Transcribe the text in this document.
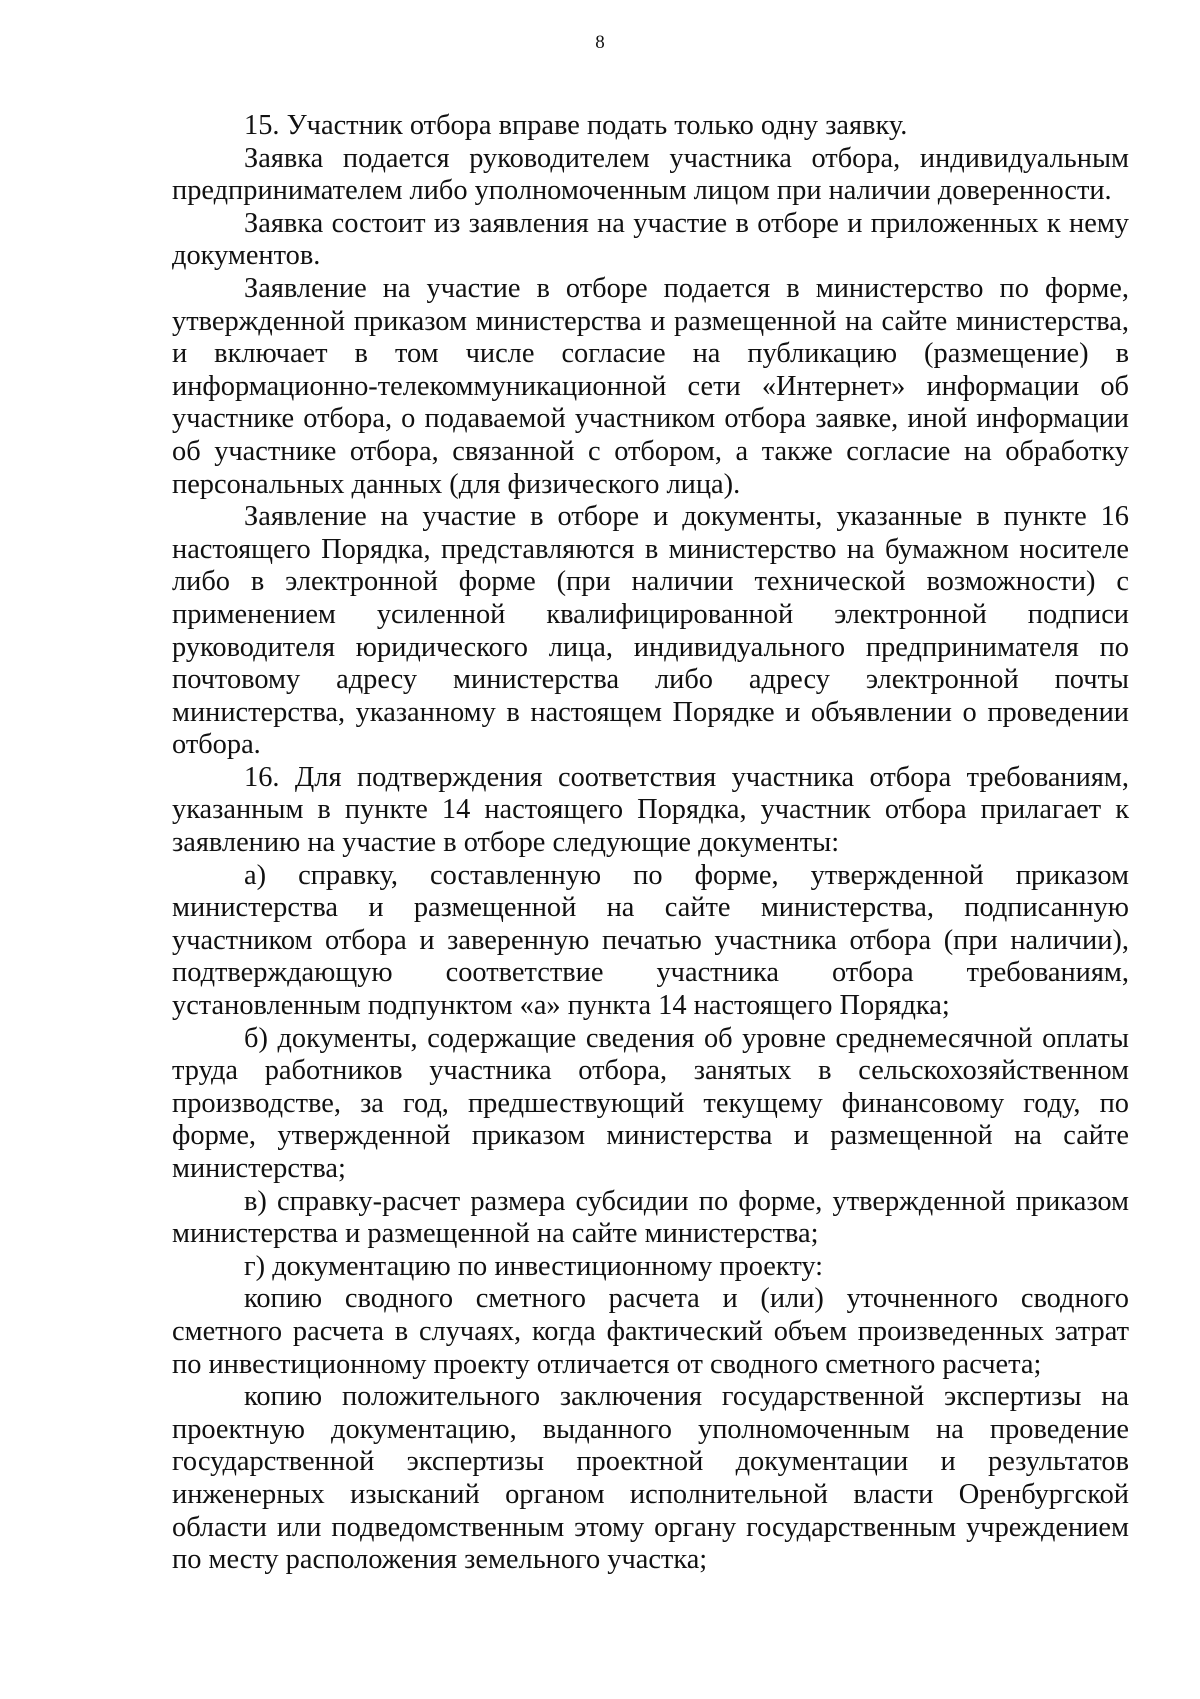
8

15. Участник отбора вправе подать только одну заявку.

Заявка подается руководителем участника отбора, индивидуальным предпринимателем либо уполномоченным лицом при наличии доверенности.

Заявка состоит из заявления на участие в отборе и приложенных к нему документов.

Заявление на участие в отборе подается в министерство по форме, утвержденной приказом министерства и размещенной на сайте министерства, и включает в том числе согласие на публикацию (размещение) в информационно-телекоммуникационной сети «Интернет» информации об участнике отбора, о подаваемой участником отбора заявке, иной информации об участнике отбора, связанной с отбором, а также согласие на обработку персональных данных (для физического лица).

Заявление на участие в отборе и документы, указанные в пункте 16 настоящего Порядка, представляются в министерство на бумажном носителе либо в электронной форме (при наличии технической возможности) с применением усиленной квалифицированной электронной подписи руководителя юридического лица, индивидуального предпринимателя по почтовому адресу министерства либо адресу электронной почты министерства, указанному в настоящем Порядке и объявлении о проведении отбора.

16. Для подтверждения соответствия участника отбора требованиям, указанным в пункте 14 настоящего Порядка, участник отбора прилагает к заявлению на участие в отборе следующие документы:

а) справку, составленную по форме, утвержденной приказом министерства и размещенной на сайте министерства, подписанную участником отбора и заверенную печатью участника отбора (при наличии), подтверждающую соответствие участника отбора требованиям, установленным подпунктом «а» пункта 14 настоящего Порядка;

б) документы, содержащие сведения об уровне среднемесячной оплаты труда работников участника отбора, занятых в сельскохозяйственном производстве, за год, предшествующий текущему финансовому году, по форме, утвержденной приказом министерства и размещенной на сайте министерства;

в) справку-расчет размера субсидии по форме, утвержденной приказом министерства и размещенной на сайте министерства;

г) документацию по инвестиционному проекту:

копию сводного сметного расчета и (или) уточненного сводного сметного расчета в случаях, когда фактический объем произведенных затрат по инвестиционному проекту отличается от сводного сметного расчета;

копию положительного заключения государственной экспертизы на проектную документацию, выданного уполномоченным на проведение государственной экспертизы проектной документации и результатов инженерных изысканий органом исполнительной власти Оренбургской области или подведомственным этому органу государственным учреждением по месту расположения земельного участка;
